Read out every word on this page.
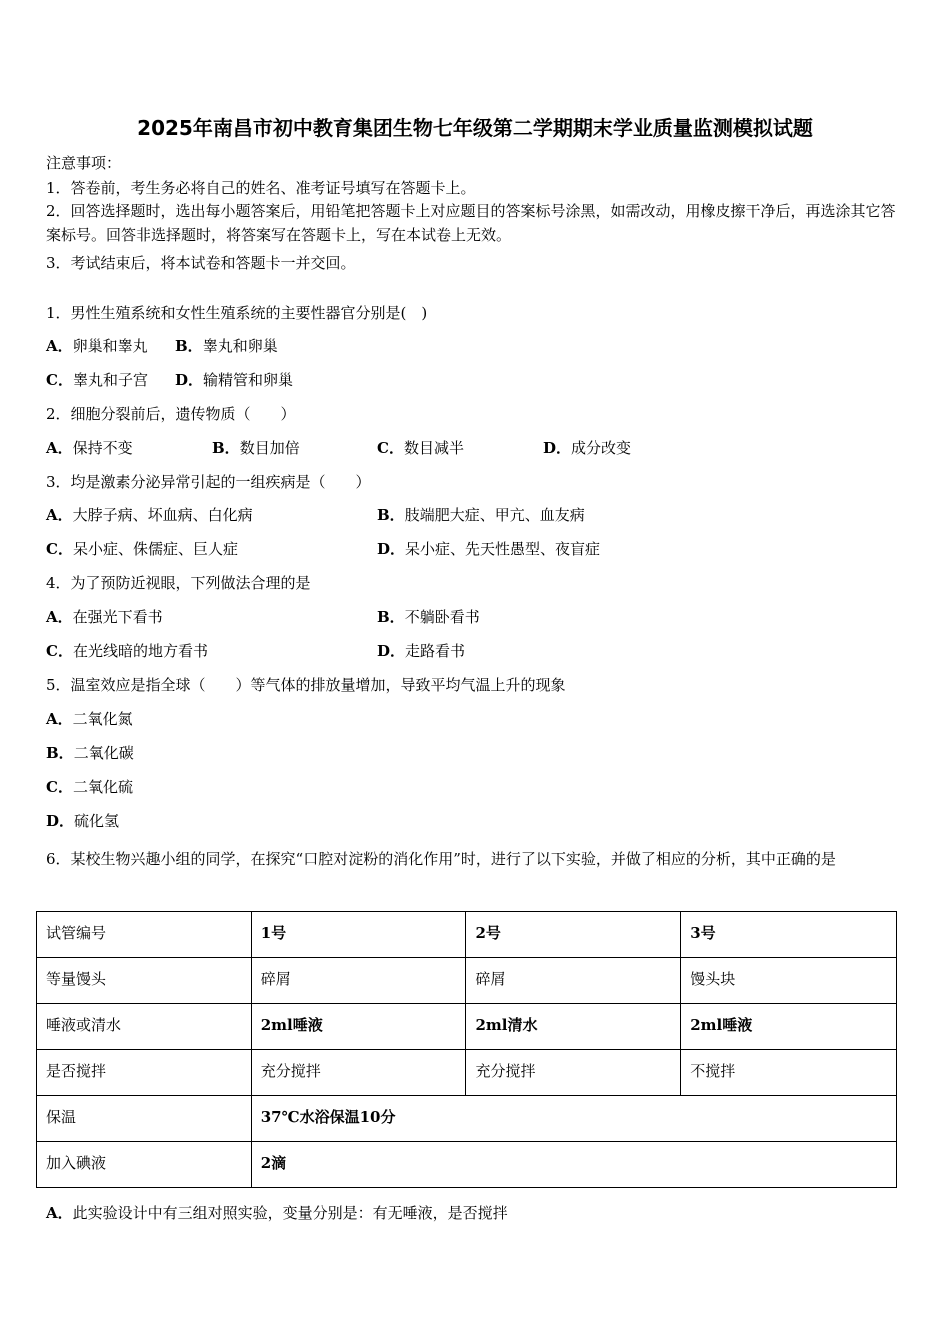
2025年南昌市初中教育集团生物七年级第二学期期末学业质量监测模拟试题
注意事项：
1．答卷前，考生务必将自己的姓名、准考证号填写在答题卡上。
2．回答选择题时，选出每小题答案后，用铅笔把答题卡上对应题目的答案标号涂黑，如需改动，用橡皮擦干净后，再选涂其它答案标号。回答非选择题时，将答案写在答题卡上，写在本试卷上无效。
3．考试结束后，将本试卷和答题卡一并交回。
1．男性生殖系统和女性生殖系统的主要性器官分别是(　)
A．卵巢和睾丸 B．睾丸和卵巢
C．睾丸和子宫 D．输精管和卵巢
2．细胞分裂前后，遗传物质（　　）
A．保持不变	B．数目加倍	C．数目减半	D．成分改变
3．均是激素分泌异常引起的一组疾病是（　　）
A．大脖子病、坏血病、白化病	B．肢端肥大症、甲亢、血友病
C．呆小症、侏儒症、巨人症	D．呆小症、先天性愚型、夜盲症
4．为了预防近视眼，下列做法合理的是
A．在强光下看书	B．不躺卧看书
C．在光线暗的地方看书	D．走路看书
5．温室效应是指全球（　　）等气体的排放量增加，导致平均气温上升的现象
A．二氧化氮
B．二氧化碳
C．二氧化硫
D．硫化氢
6．某校生物兴趣小组的同学，在探究“口腔对淀粉的消化作用”时，进行了以下实验，并做了相应的分析，其中正确的是
试管编号	1号	2号	3号
等量馒头	碎屑	碎屑	馒头块
唾液或清水	2ml唾液	2ml清水	2ml唾液
是否搅拌	充分搅拌	充分搅拌	不搅拌
保温	37℃水浴保温10分		
加入碘液	2滴		
A．此实验设计中有三组对照实验，变量分别是：有无唾液，是否搅拌
